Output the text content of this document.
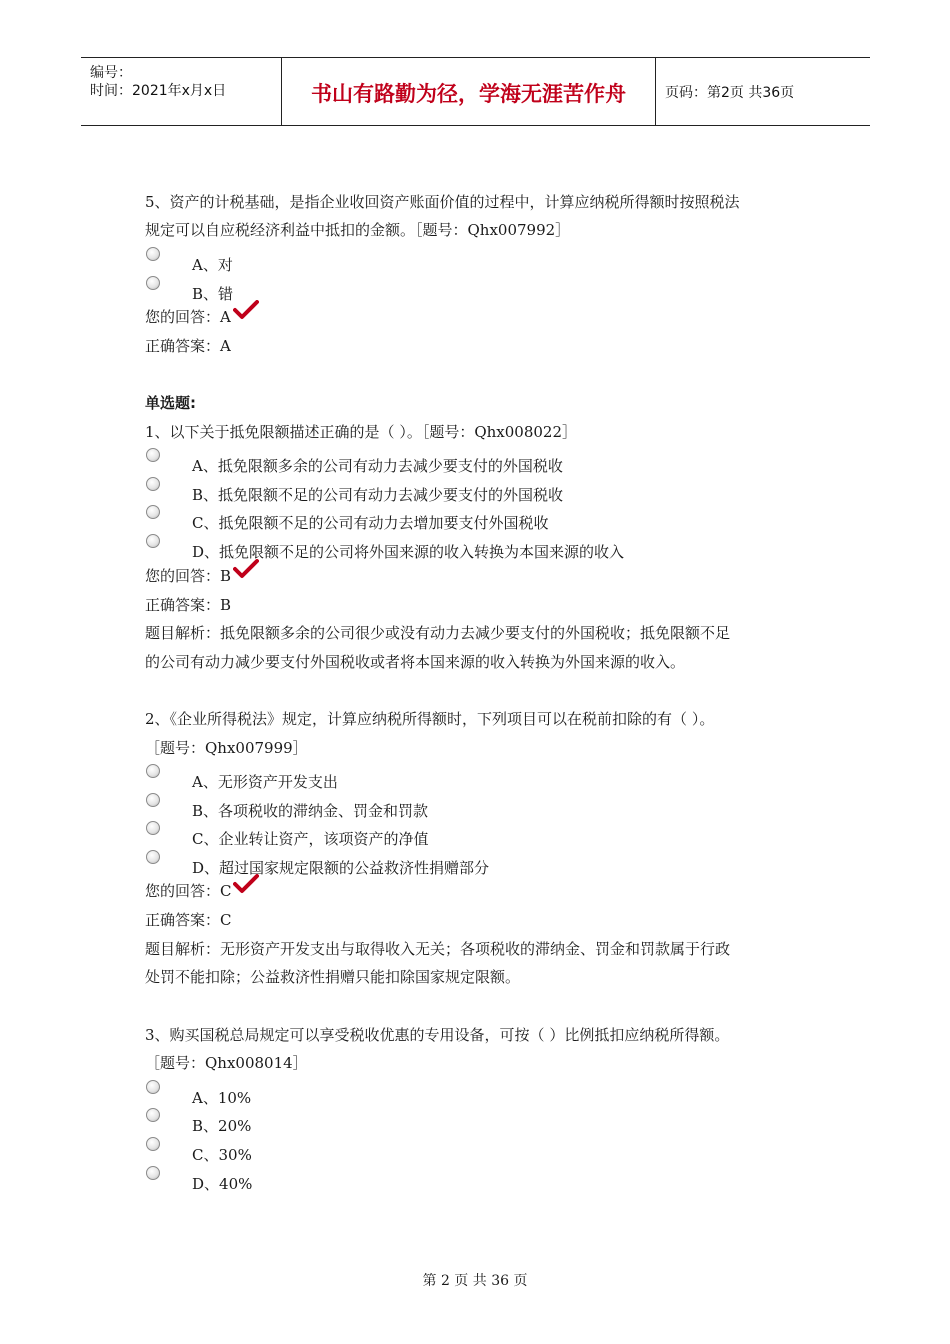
编号：
时间：2021年x月x日	书山有路勤为径，学海无涯苦作舟	页码：第2页 共36页
5、资产的计税基础，是指企业收回资产账面价值的过程中，计算应纳税所得额时按照税法
规定可以自应税经济利益中抵扣的金额。［题号：Qhx007992］
A、对
B、错
您的回答：A
正确答案：A
单选题:
1、以下关于抵免限额描述正确的是（ ）。［题号：Qhx008022］
A、抵免限额多余的公司有动力去减少要支付的外国税收
B、抵免限额不足的公司有动力去减少要支付的外国税收
C、抵免限额不足的公司有动力去增加要支付外国税收
D、抵免限额不足的公司将外国来源的收入转换为本国来源的收入
您的回答：B
正确答案：B
题目解析：抵免限额多余的公司很少或没有动力去减少要支付的外国税收；抵免限额不足
的公司有动力减少要支付外国税收或者将本国来源的收入转换为外国来源的收入。
2、《企业所得税法》规定，计算应纳税所得额时，下列项目可以在税前扣除的有（ ）。
［题号：Qhx007999］
A、无形资产开发支出
B、各项税收的滞纳金、罚金和罚款
C、企业转让资产，该项资产的净值
D、超过国家规定限额的公益救济性捐赠部分
您的回答：C
正确答案：C
题目解析：无形资产开发支出与取得收入无关；各项税收的滞纳金、罚金和罚款属于行政
处罚不能扣除；公益救济性捐赠只能扣除国家规定限额。
3、购买国税总局规定可以享受税收优惠的专用设备，可按（ ）比例抵扣应纳税所得额。
［题号：Qhx008014］
A、10%
B、20%
C、30%
D、40%
第 2 页 共 36 页
